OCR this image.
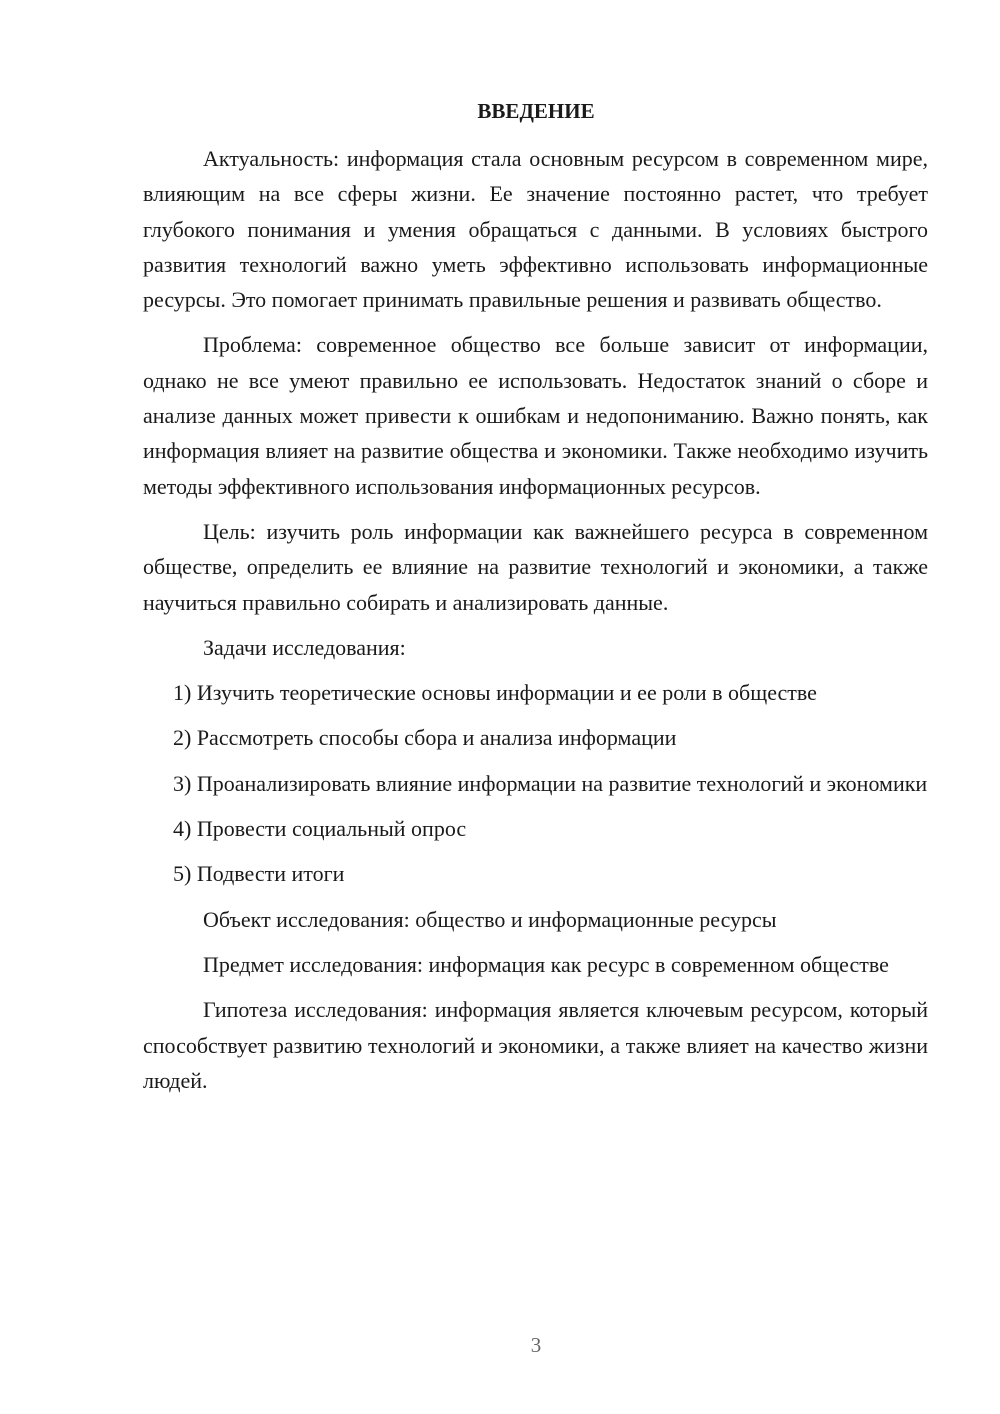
ВВЕДЕНИЕ

Актуальность: информация стала основным ресурсом в современном мире, влияющим на все сферы жизни. Ее значение постоянно растет, что требует глубокого понимания и умения обращаться с данными. В условиях быстрого развития технологий важно уметь эффективно использовать информационные ресурсы. Это помогает принимать правильные решения и развивать общество.

Проблема: современное общество все больше зависит от информации, однако не все умеют правильно ее использовать. Недостаток знаний о сборе и анализе данных может привести к ошибкам и недопониманию. Важно понять, как информация влияет на развитие общества и экономики. Также необходимо изучить методы эффективного использования информационных ресурсов.

Цель: изучить роль информации как важнейшего ресурса в современном обществе, определить ее влияние на развитие технологий и экономики, а также научиться правильно собирать и анализировать данные.

Задачи исследования:

1) Изучить теоретические основы информации и ее роли в обществе

2) Рассмотреть способы сбора и анализа информации

3) Проанализировать влияние информации на развитие технологий и экономики

4) Провести социальный опрос

5) Подвести итоги

Объект исследования: общество и информационные ресурсы

Предмет исследования: информация как ресурс в современном обществе

Гипотеза исследования: информация является ключевым ресурсом, который способствует развитию технологий и экономики, а также влияет на качество жизни людей.

3
